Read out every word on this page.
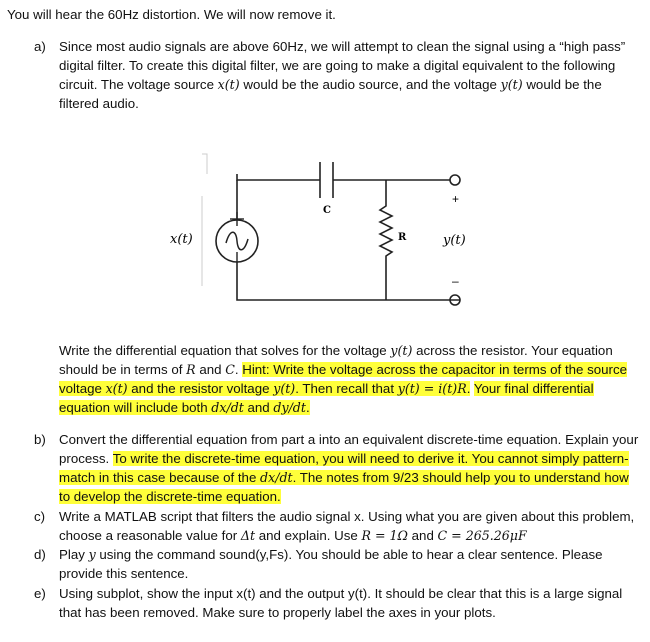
You will hear the 60Hz distortion. We will now remove it.
a) Since most audio signals are above 60Hz, we will attempt to clean the signal using a “high pass” digital filter. To create this digital filter, we are going to make a digital equivalent to the following circuit. The voltage source x(t) would be the audio source, and the voltage y(t) would be the filtered audio.
x(t)
C
R	y(t)
+
–
Write the differential equation that solves for the voltage y(t) across the resistor. Your equation should be in terms of R and C. Hint: Write the voltage across the capacitor in terms of the source voltage x(t) and the resistor voltage y(t). Then recall that y(t) = i(t)R. Your final differential equation will include both dx/dt and dy/dt.
b) Convert the differential equation from part a into an equivalent discrete-time equation. Explain your process. To write the discrete-time equation, you will need to derive it. You cannot simply pattern-match in this case because of the dx/dt. The notes from 9/23 should help you to understand how to develop the discrete-time equation.
c) Write a MATLAB script that filters the audio signal x. Using what you are given about this problem, choose a reasonable value for Δt and explain. Use R = 1Ω and C = 265.26μF
d) Play y using the command sound(y,Fs). You should be able to hear a clear sentence. Please provide this sentence.
e) Using subplot, show the input x(t) and the output y(t). It should be clear that this is a large signal that has been removed. Make sure to properly label the axes in your plots.
